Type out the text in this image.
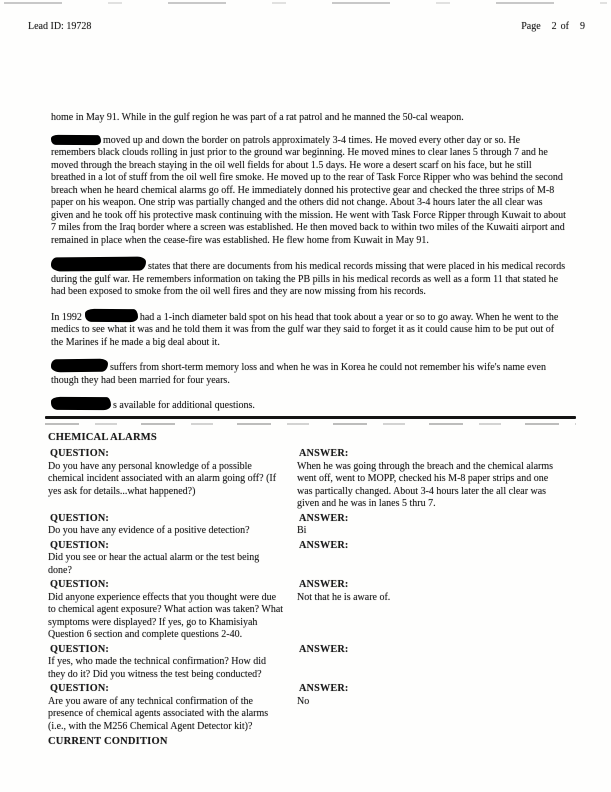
Lead ID: 19728	Page 2 of 9

home in May 91. While in the gulf region he was part of a rat patrol and he manned the 50-cal weapon.

moved up and down the border on patrols approximately 3-4 times. He moved every other day or so. He remembers black clouds rolling in just prior to the ground war beginning. He moved mines to clear lanes 5 through 7 and he moved through the breach staying in the oil well fields for about 1.5 days. He wore a desert scarf on his face, but he still breathed in a lot of stuff from the oil well fire smoke. He moved up to the rear of Task Force Ripper who was behind the second breach when he heard chemical alarms go off. He immediately donned his protective gear and checked the three strips of M-8 paper on his weapon. One strip was partially changed and the others did not change. About 3-4 hours later the all clear was given and he took off his protective mask continuing with the mission. He went with Task Force Ripper through Kuwait to about 7 miles from the Iraq border where a screen was established. He then moved back to within two miles of the Kuwaiti airport and remained in place when the cease-fire was established. He flew home from Kuwait in May 91.

states that there are documents from his medical records missing that were placed in his medical records during the gulf war. He remembers information on taking the PB pills in his medical records as well as a form 11 that stated he had been exposed to smoke from the oil well fires and they are now missing from his records.

In 1992	had a 1-inch diameter bald spot on his head that took about a year or so to go away. When he went to the medics to see what it was and he told them it was from the gulf war they said to forget it as it could cause him to be put out of the Marines if he made a big deal about it.

suffers from short-term memory loss and when he was in Korea he could not remember his wife's name even though they had been married for four years.

s available for additional questions.

CHEMICAL ALARMS
QUESTION:
Do you have any personal knowledge of a possible chemical incident associated with an alarm going off? (If yes ask for details...what happened?)
ANSWER:
When he was going through the breach and the chemical alarms went off, went to MOPP, checked his M-8 paper strips and one was partically changed. About 3-4 hours later the all clear was given and he was in lanes 5 thru 7.
QUESTION:
Do you have any evidence of a positive detection?
ANSWER:
Bi
QUESTION:
Did you see or hear the actual alarm or the test being done?
ANSWER:
QUESTION:
Did anyone experience effects that you thought were due to chemical agent exposure? What action was taken? What symptoms were displayed? If yes, go to Khamisiyah Question 6 section and complete questions 2-40.
ANSWER:
Not that he is aware of.
QUESTION:
If yes, who made the technical confirmation? How did they do it? Did you witness the test being conducted?
ANSWER:
QUESTION:
Are you aware of any technical confirmation of the presence of chemical agents associated with the alarms (i.e., with the M256 Chemical Agent Detector kit)?
ANSWER:
No
CURRENT CONDITION
